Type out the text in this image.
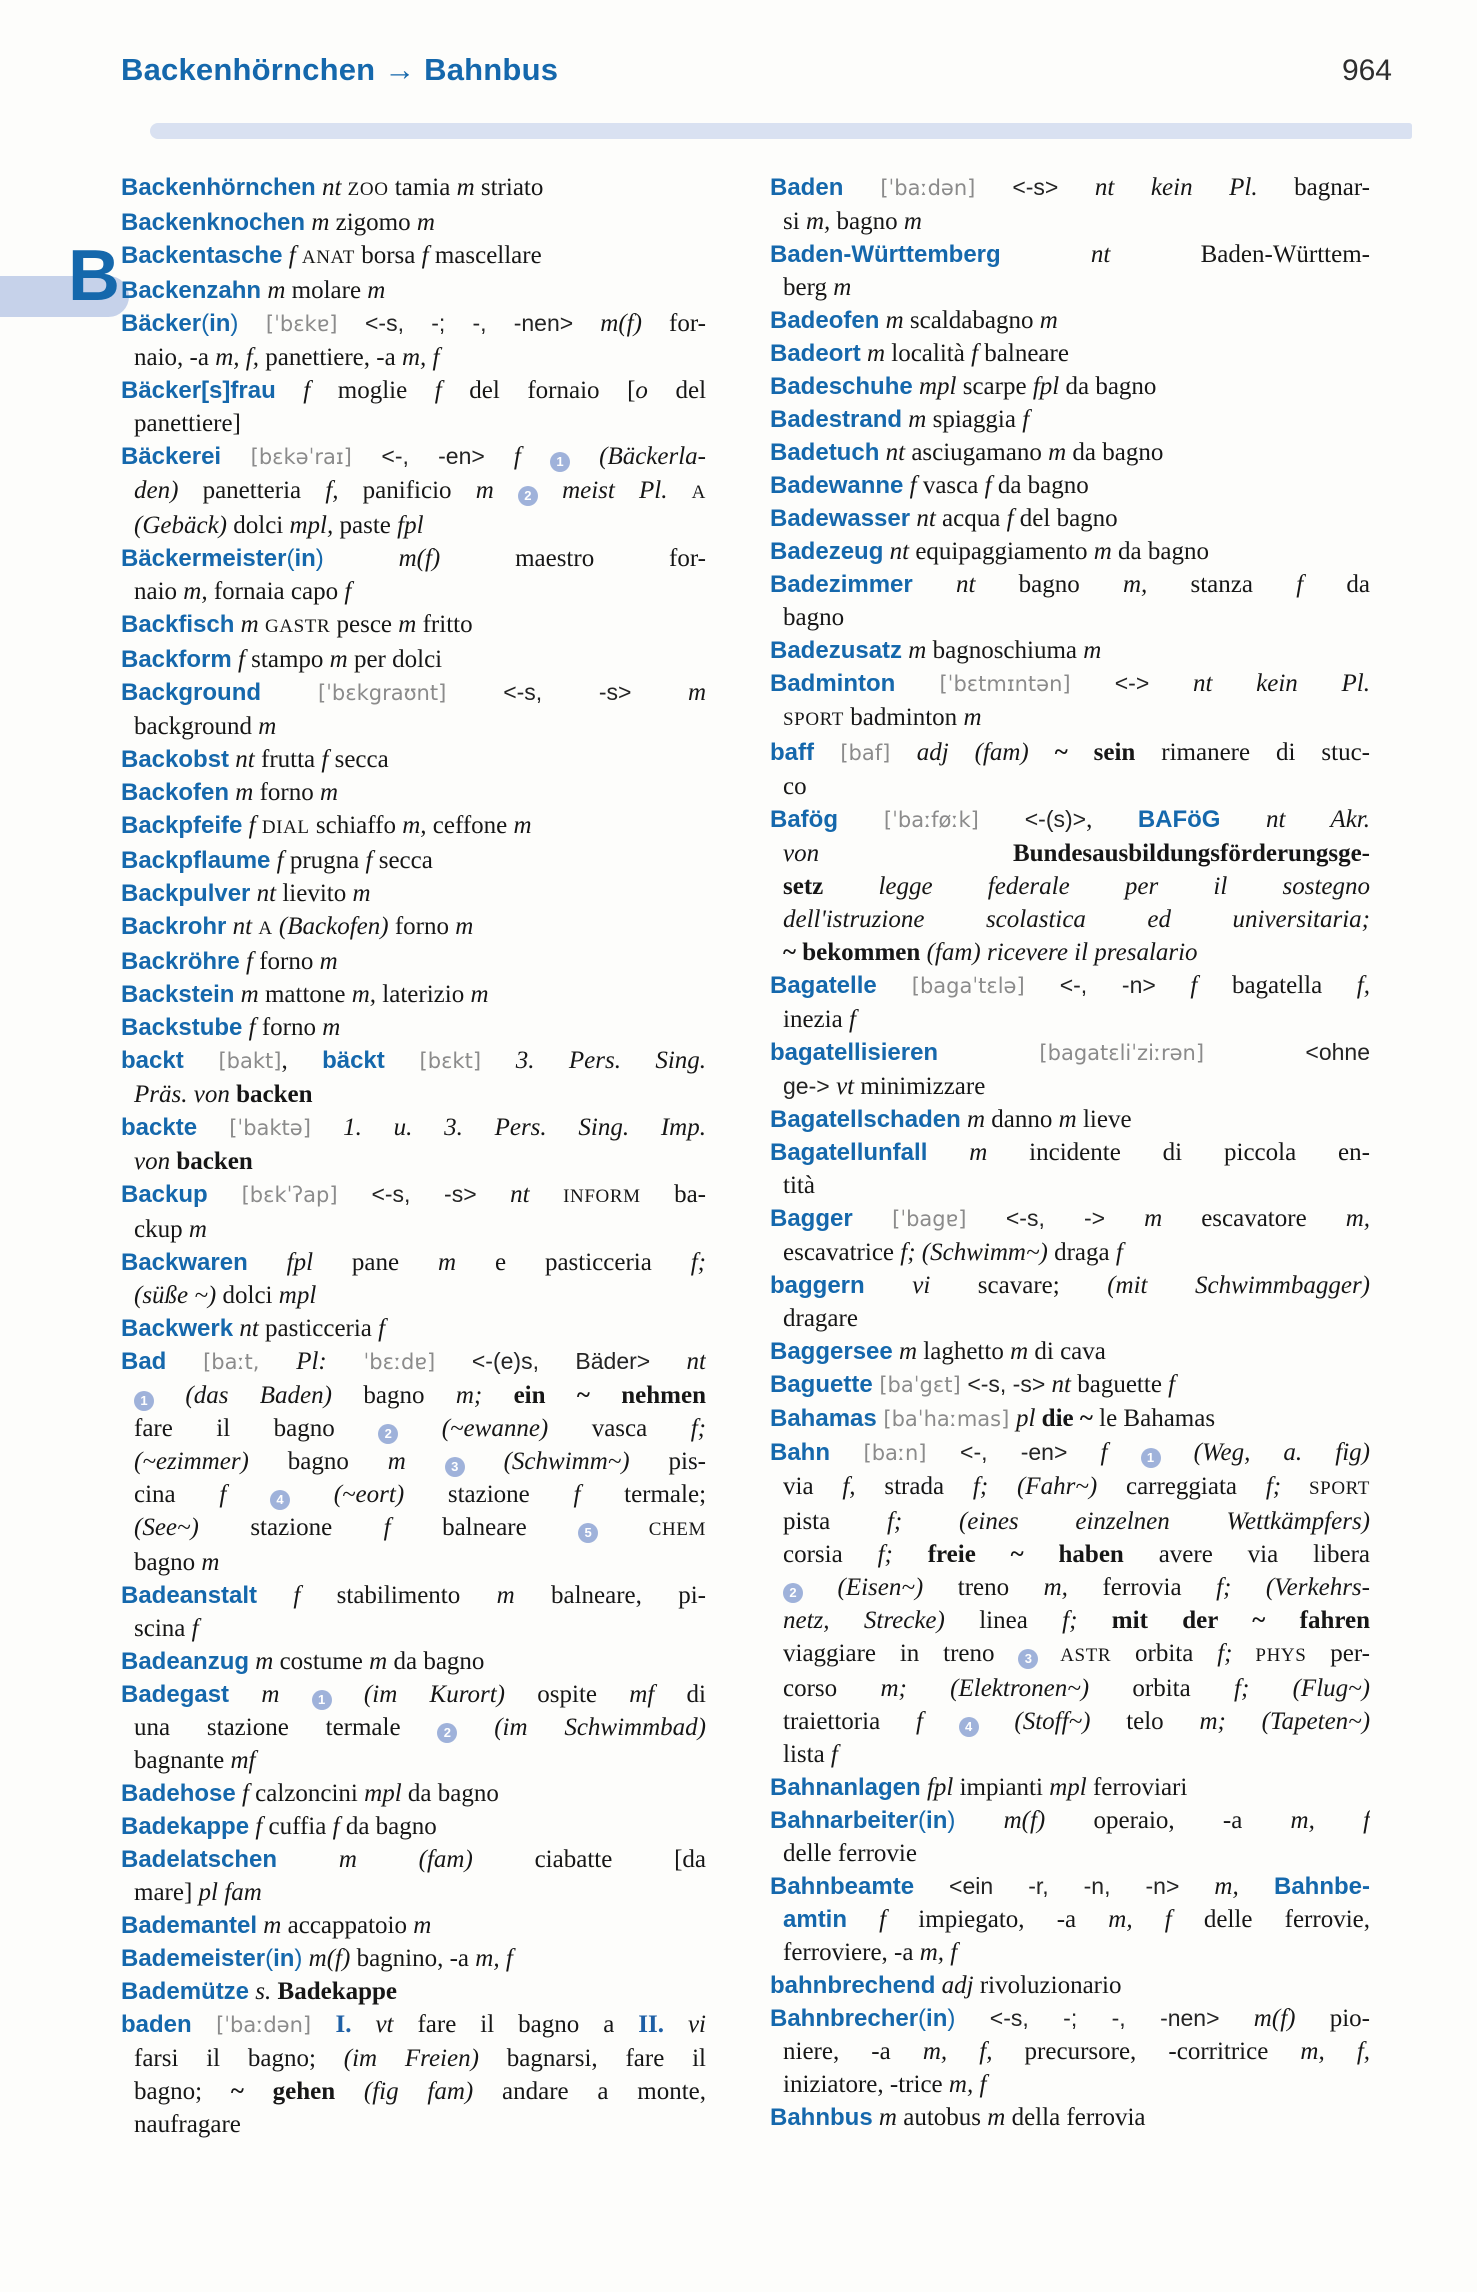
Backenhörnchen → Bahnbus	964
B
Backenhörnchen nt ZOO tamia m striato
Backenknochen m zigomo m
Backentasche f ANAT borsa f mascellare
Backenzahn m molare m
Bäcker(in) [ˈbɛkɐ] <-s, -; -, -nen> m(f) for-
naio, -a m, f, panettiere, -a m, f
Bäcker[s]frau f moglie f del fornaio [o del
panettiere]
Bäckerei [bɛkəˈraɪ] <-, -en> f 1 (Bäckerla-
den) panetteria f, panificio m 2 meist Pl. A
(Gebäck) dolci mpl, paste fpl
Bäckermeister(in) m(f) maestro for-
naio m, fornaia capo f
Backfisch m GASTR pesce m fritto
Backform f stampo m per dolci
Background [ˈbɛkgraʊnt] <-s, -s> m
background m
Backobst nt frutta f secca
Backofen m forno m
Backpfeife f DIAL schiaffo m, ceffone m
Backpflaume f prugna f secca
Backpulver nt lievito m
Backrohr nt A (Backofen) forno m
Backröhre f forno m
Backstein m mattone m, laterizio m
Backstube f forno m
backt [bakt], bäckt [bɛkt] 3. Pers. Sing.
Präs. von backen
backte [ˈbaktə] 1. u. 3. Pers. Sing. Imp.
von backen
Backup [bɛkˈʔap] <-s, -s> nt INFORM ba-
ckup m
Backwaren fpl pane m e pasticceria f;
(süße ~) dolci mpl
Backwerk nt pasticceria f
Bad [baːt, Pl: ˈbɛːdɐ] <-(e)s, Bäder> nt
1 (das Baden) bagno m; ein ~ nehmen
fare il bagno 2 (~ewanne) vasca f;
(~ezimmer) bagno m 3 (Schwimm~) pis-
cina f 4 (~eort) stazione f termale;
(See~) stazione f balneare 5 CHEM
bagno m
Badeanstalt f stabilimento m balneare, pi-
scina f
Badeanzug m costume m da bagno
Badegast m 1 (im Kurort) ospite mf di
una stazione termale 2 (im Schwimmbad)
bagnante mf
Badehose f calzoncini mpl da bagno
Badekappe f cuffia f da bagno
Badelatschen m (fam) ciabatte [da
mare] pl fam
Bademantel m accappatoio m
Bademeister(in) m(f) bagnino, -a m, f
Bademütze s. Badekappe
baden [ˈbaːdən] I. vt fare il bagno a II. vi
farsi il bagno; (im Freien) bagnarsi, fare il
bagno; ~ gehen (fig fam) andare a monte,
naufragare
Baden [ˈbaːdən] <-s> nt kein Pl. bagnar-
si m, bagno m
Baden-Württemberg nt Baden-Württem-
berg m
Badeofen m scaldabagno m
Badeort m località f balneare
Badeschuhe mpl scarpe fpl da bagno
Badestrand m spiaggia f
Badetuch nt asciugamano m da bagno
Badewanne f vasca f da bagno
Badewasser nt acqua f del bagno
Badezeug nt equipaggiamento m da bagno
Badezimmer nt bagno m, stanza f da
bagno
Badezusatz m bagnoschiuma m
Badminton [ˈbɛtmɪntən] <-> nt kein Pl.
SPORT badminton m
baff [baf] adj (fam) ~ sein rimanere di stuc-
co
Bafög [ˈbaːføːk] <-(s)>, BAFöG nt Akr.
von Bundesausbildungsförderungsge-
setz legge federale per il sostegno
dell'istruzione scolastica ed universitaria;
~ bekommen (fam) ricevere il presalario
Bagatelle [bagaˈtɛlə] <-, -n> f bagatella f,
inezia f
bagatellisieren [bagatɛliˈziːrən] <ohne
ge-> vt minimizzare
Bagatellschaden m danno m lieve
Bagatellunfall m incidente di piccola en-
tità
Bagger [ˈbagɐ] <-s, -> m escavatore m,
escavatrice f; (Schwimm~) draga f
baggern vi scavare; (mit Schwimmbagger)
dragare
Baggersee m laghetto m di cava
Baguette [baˈgɛt] <-s, -s> nt baguette f
Bahamas [baˈhaːmas] pl die ~ le Bahamas
Bahn [baːn] <-, -en> f 1 (Weg, a. fig)
via f, strada f; (Fahr~) carreggiata f; SPORT
pista f; (eines einzelnen Wettkämpfers)
corsia f; freie ~ haben avere via libera
2 (Eisen~) treno m, ferrovia f; (Verkehrs-
netz, Strecke) linea f; mit der ~ fahren
viaggiare in treno 3 ASTR orbita f; PHYS per-
corso m; (Elektronen~) orbita f; (Flug~)
traiettoria f 4 (Stoff~) telo m; (Tapeten~)
lista f
Bahnanlagen fpl impianti mpl ferroviari
Bahnarbeiter(in) m(f) operaio, -a m, f
delle ferrovie
Bahnbeamte <ein -r, -n, -n> m, Bahnbe-
amtin f impiegato, -a m, f delle ferrovie,
ferroviere, -a m, f
bahnbrechend adj rivoluzionario
Bahnbrecher(in) <-s, -; -, -nen> m(f) pio-
niere, -a m, f, precursore, -corritrice m, f,
iniziatore, -trice m, f
Bahnbus m autobus m della ferrovia
